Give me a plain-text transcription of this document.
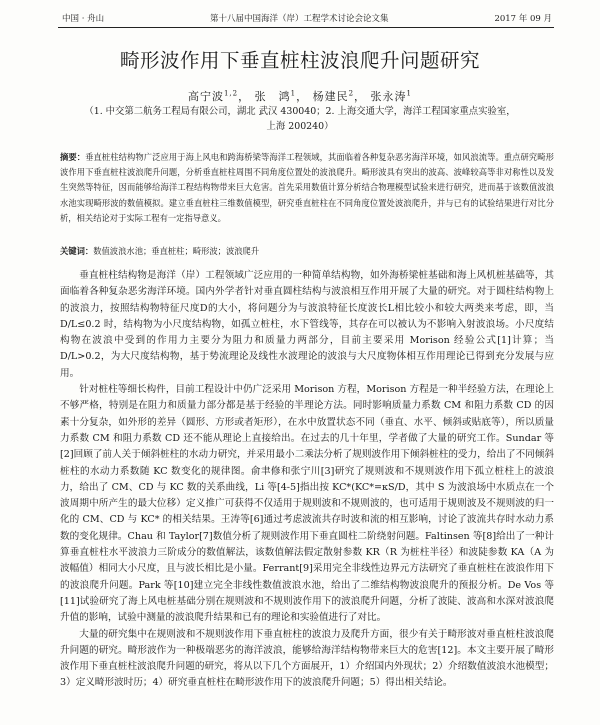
中国 · 舟山	第十八届中国海洋（岸）工程学术讨论会论文集	2017 年 09 月
畸形波作用下垂直桩柱波浪爬升问题研究
高宁波$^{1,2}$， 张　鸿$^1$， 杨建民$^2$， 张永涛$^1$
（1. 中交第二航务工程局有限公司，湖北 武汉 430040；2. 上海交通大学，海洋工程国家重点实验室，
上海 200240）
摘要：垂直桩柱结构物广泛应用于海上风电和跨海桥梁等海洋工程领域，其面临着各种复杂恶劣海洋环境，如风浪流等。重点研究畸形波作用下垂直桩柱波浪爬升问题，分析垂直桩柱周围不同角度位置处的波浪爬升。畸形波具有突出的波高、波峰较高等非对称性以及发生突然等特征，因而能够给海洋工程结构物带来巨大危害。首先采用数值计算分析结合物理模型试验来进行研究，进而基于该数值波浪水池实现畸形波的数值模拟。建立垂直桩柱三维数值模型，研究垂直桩柱在不同角度位置处波浪爬升，并与已有的试验结果进行对比分析，相关结论对于实际工程有一定指导意义。
关键词：数值波浪水池；垂直桩柱；畸形波；波浪爬升

垂直桩柱结构物是海洋（岸）工程领域广泛应用的一种简单结构物，如外海桥梁桩基础和海上风机桩基础等，其面临着各种复杂恶劣海洋环境。国内外学者针对垂直圆柱结构与波浪相互作用开展了大量的研究。对于圆柱结构物上的波浪力，按照结构物特征尺度D的大小，将问题分为与波浪特征长度波长L相比较小和较大两类来考虑，即，当 D/L≤0.2 时，结构物为小尺度结构物，如孤立桩柱，水下管线等，其存在可以被认为不影响入射波浪场。小尺度结构物在波浪中受到的作用力主要分为阻力和质量力两部分，目前主要采用 Morison 经验公式[1]计算；当 D/L>0.2，为大尺度结构物，基于势流理论及线性水波理论的波浪与大尺度物体相互作用理论已得到充分发展与应用。

针对桩柱等细长构件，目前工程设计中仍广泛采用 Morison 方程，Morison 方程是一种半经验方法，在理论上不够严格，特别是在阻力和质量力部分都是基于经验的半理论方法。同时影响质量力系数 CM 和阻力系数 CD 的因素十分复杂，如外形的差异（圆形、方形或者矩形），在水中放置状态不同（垂直、水平、倾斜或贴底等），所以质量力系数 CM 和阻力系数 CD 还不能从理论上直接给出。在过去的几十年里，学者做了大量的研究工作。Sundar 等[2]回顾了前人关于倾斜桩柱的水动力研究，并采用最小二乘法分析了规则波作用下倾斜桩柱的受力，给出了不同倾斜桩柱的水动力系数随 KC 数变化的规律图。俞聿修和张宁川[3]研究了规则波和不规则波作用下孤立桩柱上的波浪力，给出了 CM、CD 与 KC 数的关系曲线，Li 等[4-5]指出按 KC*(KC*=κS/D，其中 S 为波浪场中水质点在一个波周期中所产生的最大位移）定义推广可获得不仅适用于规则波和不规则波的，也可适用于规则波及不规则波的归一化的 CM、CD 与 KC* 的相关结果。王涛等[6]通过考虑波流共存时波和流的相互影响，讨论了波流共存时水动力系数的变化规律。Chau 和 Taylor[7]数值分析了规则波作用下垂直圆柱二阶绕射问题。Faltinsen 等[8]给出了一种计算垂直桩柱水平波浪力三阶成分的数值解法，该数值解法假定散射参数 KR（R 为桩柱半径）和波陡参数 KA（A 为波幅值）相同大小尺度，且与波长相比是小量。Ferrant[9]采用完全非线性边界元方法研究了垂直桩柱在波浪作用下的波浪爬升问题。Park 等[10]建立完全非线性数值波浪水池，给出了二维结构物波浪爬升的预报分析。De Vos 等[11]试验研究了海上风电桩基础分别在规则波和不规则波作用下的波浪爬升问题，分析了波陡、波高和水深对波浪爬升值的影响，试验中测量的波浪爬升结果和已有的理论和实验值进行了对比。

大量的研究集中在规则波和不规则波作用下垂直桩柱的波浪力及爬升方面，很少有关于畸形波对垂直桩柱波浪爬升问题的研究。畸形波作为一种极端恶劣的海洋波浪，能够给海洋结构物带来巨大的危害[12]。本文主要开展了畸形波作用下垂直桩柱波浪爬升问题的研究，将从以下几个方面展开，1）介绍国内外现状；2）介绍数值波浪水池模型；3）定义畸形波时历；4）研究垂直桩柱在畸形波作用下的波浪爬升问题；5）得出相关结论。
